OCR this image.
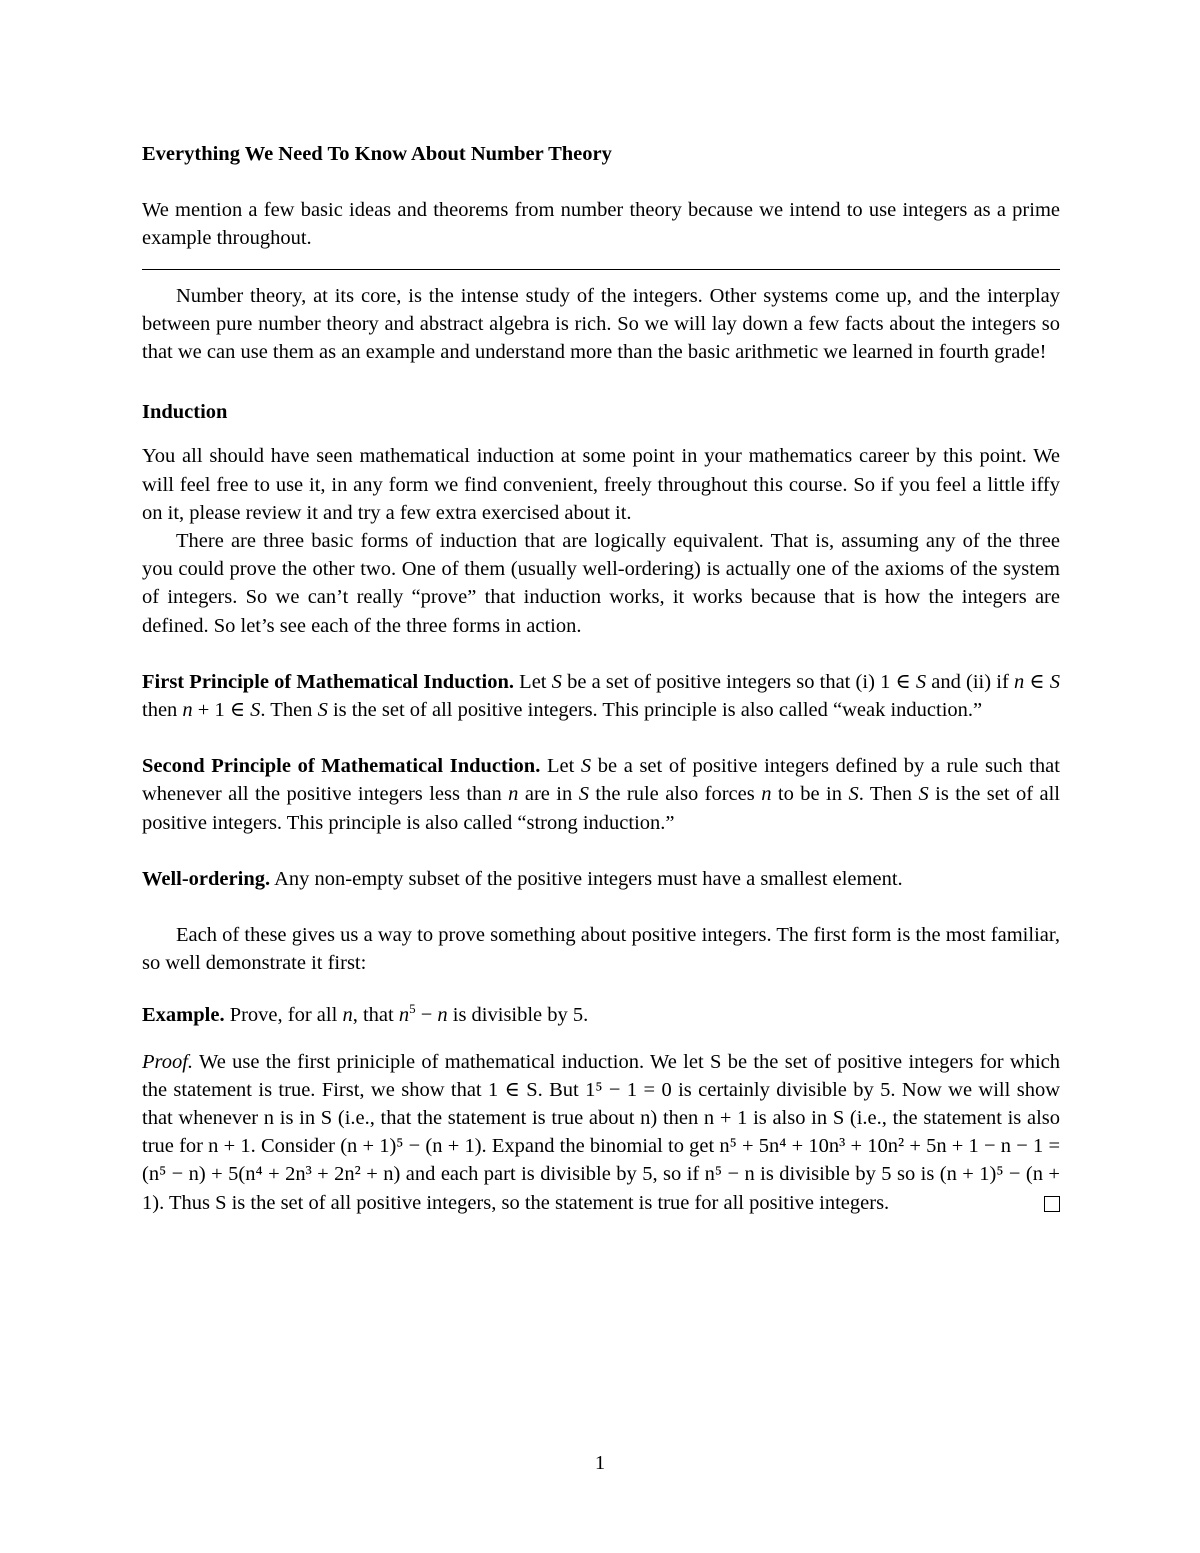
Everything We Need To Know About Number Theory

We mention a few basic ideas and theorems from number theory because we intend to use integers as a prime example throughout.

Number theory, at its core, is the intense study of the integers. Other systems come up, and the interplay between pure number theory and abstract algebra is rich. So we will lay down a few facts about the integers so that we can use them as an example and understand more than the basic arithmetic we learned in fourth grade!

Induction

You all should have seen mathematical induction at some point in your mathematics career by this point. We will feel free to use it, in any form we find convenient, freely throughout this course. So if you feel a little iffy on it, please review it and try a few extra exercised about it.

There are three basic forms of induction that are logically equivalent. That is, assuming any of the three you could prove the other two. One of them (usually well-ordering) is actually one of the axioms of the system of integers. So we can’t really “prove” that induction works, it works because that is how the integers are defined. So let’s see each of the three forms in action.

First Principle of Mathematical Induction. Let S be a set of positive integers so that (i) 1 ∈ S and (ii) if n ∈ S then n + 1 ∈ S. Then S is the set of all positive integers. This principle is also called “weak induction.”

Second Principle of Mathematical Induction. Let S be a set of positive integers defined by a rule such that whenever all the positive integers less than n are in S the rule also forces n to be in S. Then S is the set of all positive integers. This principle is also called “strong induction.”

Well-ordering. Any non-empty subset of the positive integers must have a smallest element.

Each of these gives us a way to prove something about positive integers. The first form is the most familiar, so well demonstrate it first:

Example. Prove, for all n, that $n^5 - n$ is divisible by 5.

Proof. We use the first priniciple of mathematical induction. We let S be the set of positive integers for which the statement is true. First, we show that 1 ∈ S. But 1⁵ − 1 = 0 is certainly divisible by 5. Now we will show that whenever n is in S (i.e., that the statement is true about n) then n + 1 is also in S (i.e., the statement is also true for n + 1. Consider (n + 1)⁵ − (n + 1). Expand the binomial to get n⁵ + 5n⁴ + 10n³ + 10n² + 5n + 1 − n − 1 = (n⁵ − n) + 5(n⁴ + 2n³ + 2n² + n) and each part is divisible by 5, so if n⁵ − n is divisible by 5 so is (n + 1)⁵ − (n + 1). Thus S is the set of all positive integers, so the statement is true for all positive integers.

1
